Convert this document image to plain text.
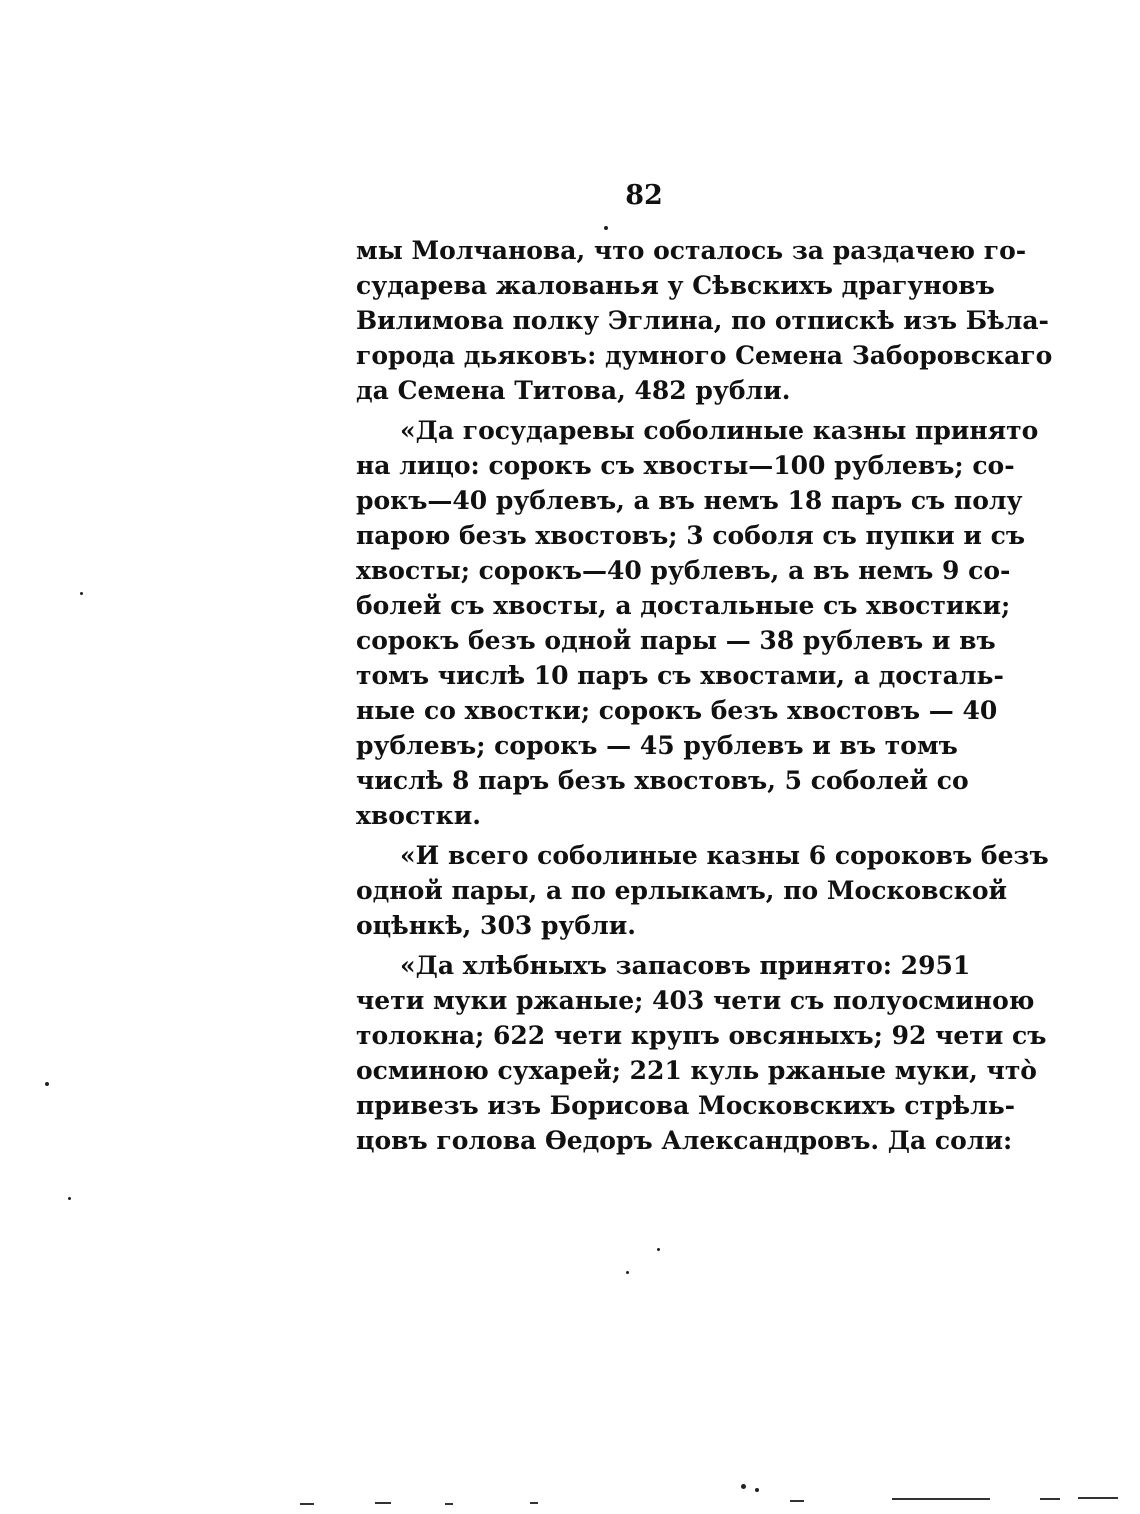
82
мы Молчанова, что осталось за раздачею го-
сударева жалованья у Сѣвскихъ драгуновъ
Вилимова полку Эглина, по отпискѣ изъ Бѣла-
города дьяковъ: думного Семена Заборовскаго
да Семена Титова, 482 рубли.
«Да государевы соболиные казны принято
на лицо: сорокъ съ хвосты—100 рублевъ; со-
рокъ—40 рублевъ, а въ немъ 18 паръ съ полу
парою безъ хвостовъ; 3 соболя съ пупки и съ
хвосты; сорокъ—40 рублевъ, а въ немъ 9 со-
болей съ хвосты, а достальные съ хвостики;
сорокъ безъ одной пары — 38 рублевъ и въ
томъ числѣ 10 паръ съ хвостами, а досталь-
ные со хвостки; сорокъ безъ хвостовъ — 40
рублевъ; сорокъ — 45 рублевъ и въ томъ
числѣ 8 паръ безъ хвостовъ, 5 соболей со
хвостки.
«И всего соболиные казны 6 сороковъ безъ
одной пары, а по ерлыкамъ, по Московской
оцѣнкѣ, 303 рубли.
«Да хлѣбныхъ запасовъ принято: 2951
чети муки ржаные; 403 чети съ полуосминою
толокна; 622 чети крупъ овсяныхъ; 92 чети съ
осминою сухарей; 221 куль ржаные муки, что̀
привезъ изъ Борисова Московскихъ стрѣль-
цовъ голова Ѳедоръ Александровъ. Да соли:
